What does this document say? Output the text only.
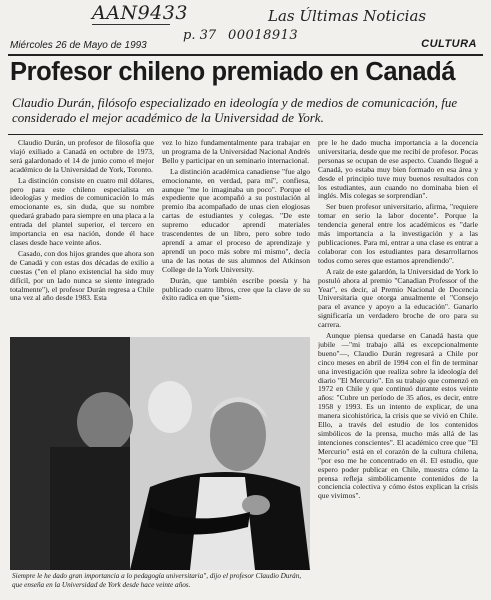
AAN9433	Las Últimas Noticias
p. 37 00018913
Miércoles 26 de Mayo de 1993	CULTURA
Profesor chileno premiado en Canadá
Claudio Durán, filósofo especializado en ideología y de medios de comunicación, fue considerado el mejor académico de la Universidad de York.

Claudio Durán, un profesor de filosofía que viajó exiliado a Canadá en octubre de 1973, será galardonado el 14 de junio como el mejor académico de la Universidad de York, Toronto.

La distinción consiste en cuatro mil dólares, pero para este chileno especialista en ideologías y medios de comunicación lo más emocionante es, sin duda, que su nombre quedará grabado para siempre en una placa a la entrada del plantel superior, el tercero en importancia en esa nación, donde él hace clases desde hace veinte años.

Casado, con dos hijos grandes que ahora son de Canadá y con estas dos décadas de exilio a cuestas ("en el plano existencial ha sido muy difícil, por un lado nunca se siente integrado totalmente"), el profesor Durán regresa a Chile una vez al año desde 1983. Esta

vez lo hizo fundamentalmente para trabajar en un programa de la Universidad Nacional Andrés Bello y participar en un seminario internacional.

La distinción académica canadiense "fue algo emocionante, en verdad, para mí", confiesa, aunque "me lo imaginaba un poco". Porque el expediente que acompañó a su postulación al premio iba acompañado de unas cien elogiosas cartas de estudiantes y colegas. "De este supremo educador aprendí materiales trascendentes de un libro, pero sobre todo aprendí a amar el proceso de aprendizaje y aprendí un poco más sobre mí mismo", decía una de las notas de sus alumnos del Atkinson College de la York University.

Durán, que también escribe poesía y ha publicado cuatro libros, cree que la clave de su éxito radica en que "siem-

pre le he dado mucha importancia a la docencia universitaria, desde que me recibí de profesor. Pocas personas se ocupan de ese aspecto. Cuando llegué a Canadá, yo estaba muy bien formado en esa área y desde el principio tuve muy buenos resultados con los estudiantes, aun cuando no dominaba bien el inglés. Mis colegas se sorprendían".

Ser buen profesor universitario, afirma, "requiere tomar en serio la labor docente". Porque la tendencia general entre los académicos es "darle más importancia a la investigación y a las publicaciones. Para mí, entrar a una clase es entrar a colaborar con los estudiantes para desarrollarnos todos como seres que estamos aprendiendo".

A raíz de este galardón, la Universidad de York lo postuló ahora al premio "Canadian Professor of the Year", es decir, al Premio Nacional de Docencia Universitaria que otorga anualmente el "Consejo para el avance y apoyo a la educación". Ganarlo significaría un verdadero broche de oro para su carrera.

Aunque piensa quedarse en Canadá hasta que jubile —"mi trabajo allá es excepcionalmente bueno"—, Claudio Durán regresará a Chile por cinco meses en abril de 1994 con el fin de terminar una investigación que realiza sobre la ideología del diario "El Mercurio". En su trabajo que comenzó en 1972 en Chile y que continuó durante estos veinte años: "Cubre un período de 35 años, es decir, entre 1958 y 1993. Es un intento de explicar, de una manera sicohistórica, la crisis que se vivió en Chile. Ello, a través del estudio de los contenidos simbólicos de la prensa, mucho más allá de las intenciones conscientes". El académico cree que "El Mercurio" está en el corazón de la cultura chilena, "por eso me he concentrado en él. El estudio, que espero poder publicar en Chile, muestra cómo la prensa refleja simbólicamente contenidos de la conciencia colectiva y cómo éstos explican la crisis que vivimos".

Siempre le he dado gran importancia a lo pedagogía universitaria", dijo el profesor Claudio Durán, que enseña en la Universidad de York desde hace veinte años.
